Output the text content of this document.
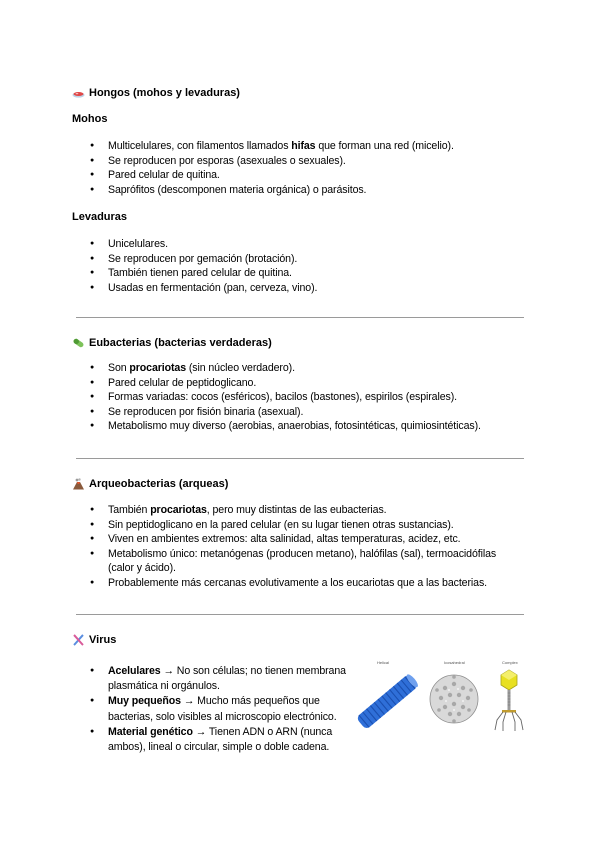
Hongos (mohos y levaduras)
Mohos
● Multicelulares, con filamentos llamados hifas que forman una red (micelio).
● Se reproducen por esporas (asexuales o sexuales).
● Pared celular de quitina.
● Saprófitos (descomponen materia orgánica) o parásitos.
Levaduras
● Unicelulares.
● Se reproducen por gemación (brotación).
● También tienen pared celular de quitina.
● Usadas en fermentación (pan, cerveza, vino).
Eubacterias (bacterias verdaderas)
● Son procariotas (sin núcleo verdadero).
● Pared celular de peptidoglicano.
● Formas variadas: cocos (esféricos), bacilos (bastones), espirilos (espirales).
● Se reproducen por fisión binaria (asexual).
● Metabolismo muy diverso (aerobias, anaerobias, fotosintéticas, quimiosintéticas).
Arqueobacterias (arqueas)
● También procariotas, pero muy distintas de las eubacterias.
● Sin peptidoglicano en la pared celular (en su lugar tienen otras sustancias).
● Viven en ambientes extremos: alta salinidad, altas temperaturas, acidez, etc.
● Metabolismo único: metanógenas (producen metano), halófilas (sal), termoacidófilas (calor y ácido).
● Probablemente más cercanas evolutivamente a los eucariotas que a las bacterias.
Virus
● Acelulares → No son células; no tienen membrana plasmática ni orgánulos.
● Muy pequeños → Mucho más pequeños que bacterias, solo visibles al microscopio electrónico.
● Material genético → Tienen ADN o ARN (nunca ambos), lineal o circular, simple o doble cadena.
Helical	Icosahedral	Complex
